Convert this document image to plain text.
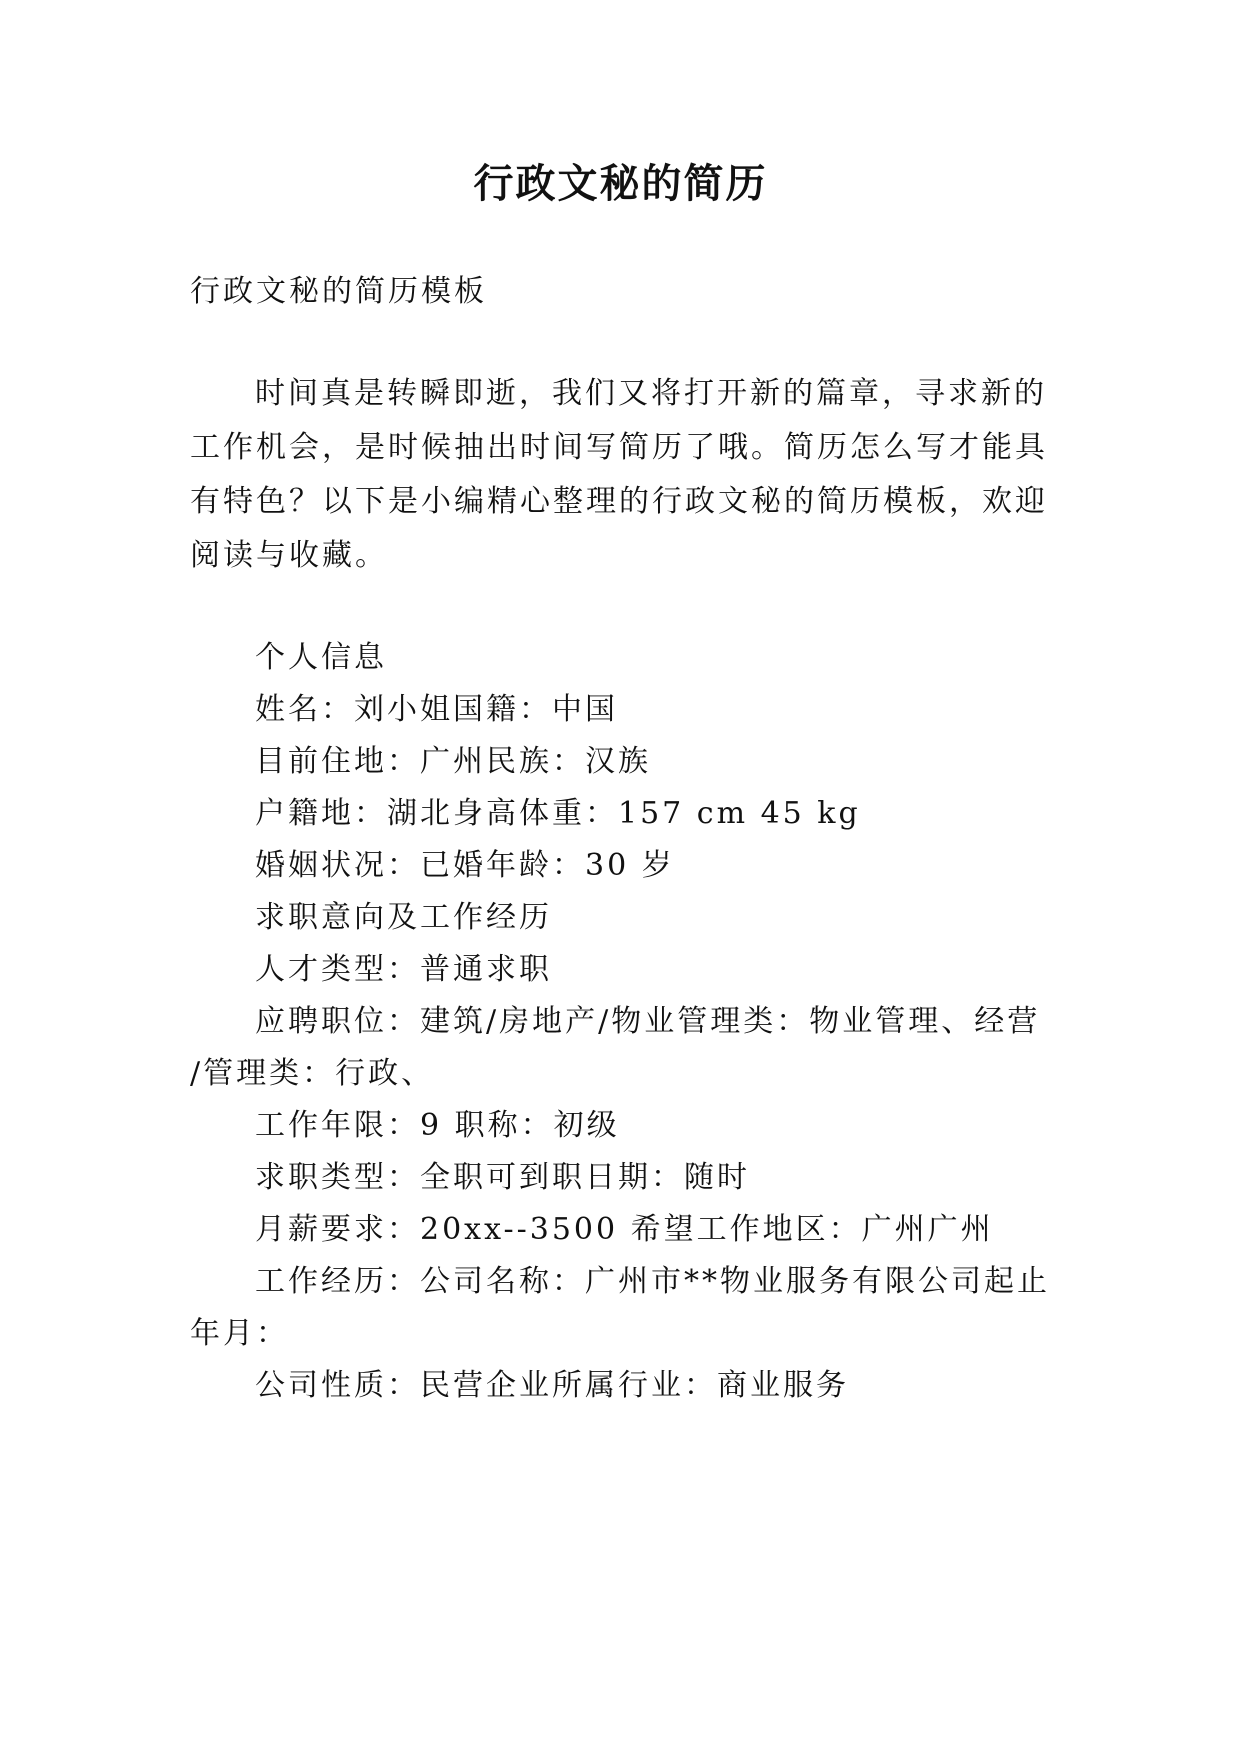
行政文秘的简历

行政文秘的简历模板

时间真是转瞬即逝，我们又将打开新的篇章，寻求新的

工作机会，是时候抽出时间写简历了哦。简历怎么写才能具

有特色？以下是小编精心整理的行政文秘的简历模板，欢迎

阅读与收藏。

个人信息

姓名：刘小姐国籍：中国

目前住地：广州民族：汉族

户籍地：湖北身高体重：157 cm 45 kg

婚姻状况：已婚年龄：30 岁

求职意向及工作经历

人才类型：普通求职

应聘职位：建筑/房地产/物业管理类：物业管理、经营

/管理类：行政、

工作年限：9 职称：初级

求职类型：全职可到职日期：随时

月薪要求：20xx--3500 希望工作地区：广州广州

工作经历：公司名称：广州市**物业服务有限公司起止

年月：

公司性质：民营企业所属行业：商业服务
